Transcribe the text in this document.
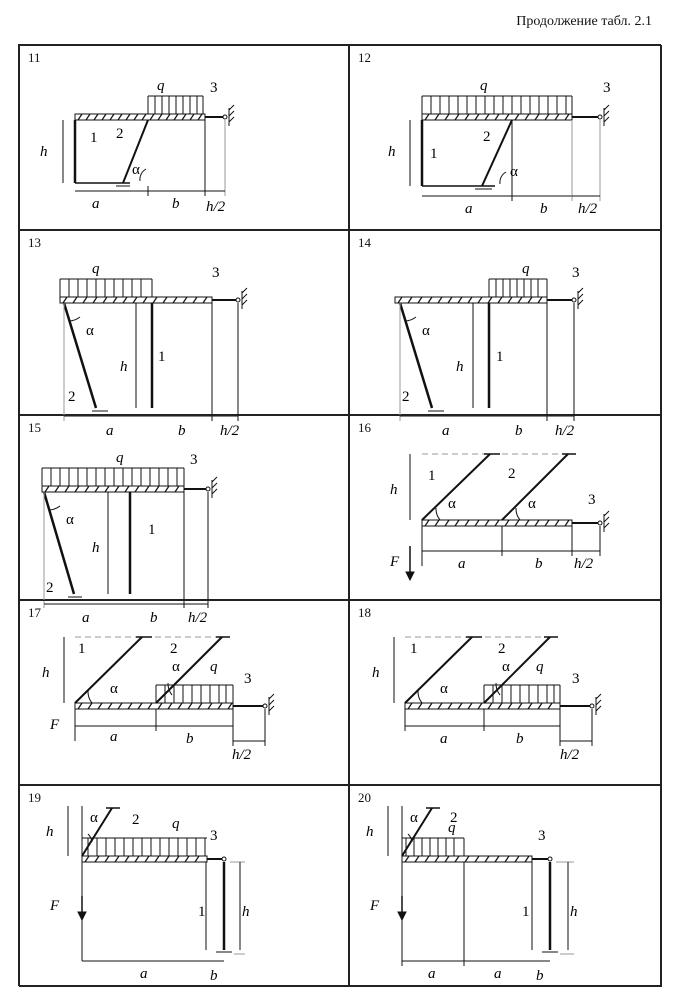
Продолжение табл. 2.1
11
q	3
1 2
α
h
a	b h/2
12
q	3
1
2
α
h
a	b h/2
13
q	3
1
2
α
h
a	b h/2
14
q	3
1
2
α
h
a	b h/2
15
q	3
1
2
α
h
a	b h/2
16
1	2
3
α	α
h
F	a	b h/2
17
1	2
3
α
α q
h
F
a	b
h/2
18
1	2
3
α
α q
h
a	b
h/2
19
α 2 q
3
1
h
h
F
a	b
20
α 2
q	3
1
h
h
F
a	a b
